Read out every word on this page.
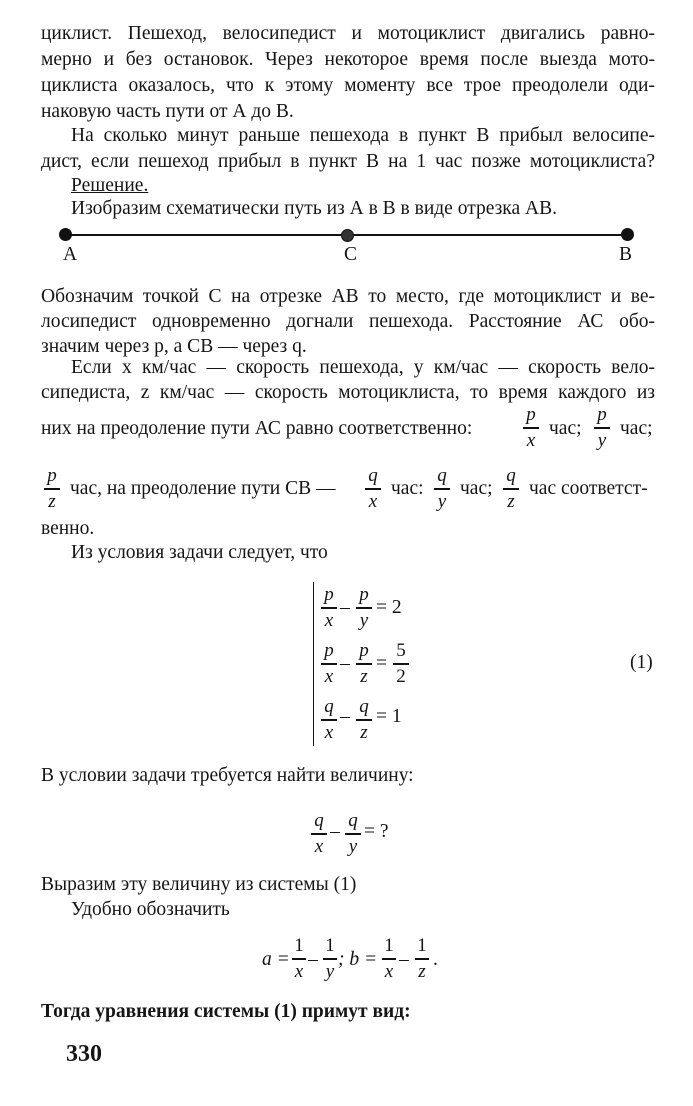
циклист. Пешеход, велосипедист и мотоциклист двигались равно-

мерно и без остановок. Через некоторое время после выезда мото-

циклиста оказалось, что к этому моменту все трое преодолели оди-

наковую часть пути от А до В.

На сколько минут раньше пешехода в пункт В прибыл велосипе-

дист, если пешеход прибыл в пункт В на 1 час позже мотоциклиста?

Решение.

Изобразим схематически путь из А в В в виде отрезка АВ.

А	С	В

Обозначим точкой С на отрезке АВ то место, где мотоциклист и ве-

лосипедист одновременно догнали пешехода. Расстояние АС обо-

значим через p, а СВ — через q.

Если x км/час — скорость пешехода, y км/час — скорость вело-

сипедиста, z км/час — скорость мотоциклиста, то время каждого из

них на преодоление пути АС равно соответственно:
p
x
час;
p
y
час;
p
z
час, на преодоление пути СВ —
q
x
час:
q
y
час;
q
z
час соответст-
венно.
Из условия задачи следует, что
p
x
–
p
y
= 2
p
x
–
p
z
=
5
2
q
x
– q
z
= 1
(1)
В условии задачи требуется найти величину:
q
x
–
q
y
= ?
Выразим эту величину из системы (1)
Удобно обозначить
a =
1
x
–
1
y
; b =
1
x
–
1
z
.
Тогда уравнения системы (1) примут вид:
330
